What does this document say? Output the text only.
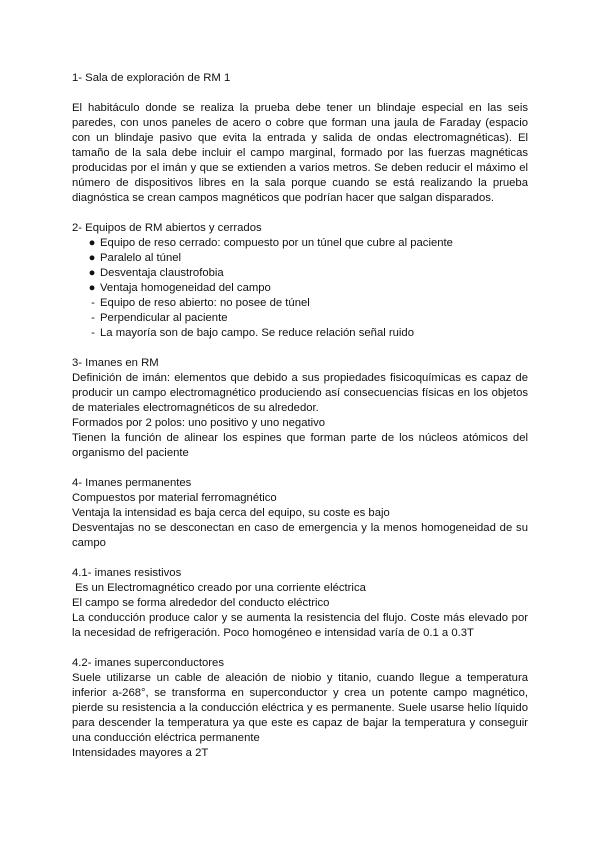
1- Sala de exploración de RM 1

El habitáculo donde se realiza la prueba debe tener un blindaje especial en las seis paredes, con unos paneles de acero o cobre que forman una jaula de Faraday (espacio con un blindaje pasivo que evita la entrada y salida de ondas electromagnéticas). El tamaño de la sala debe incluir el campo marginal, formado por las fuerzas magnéticas producidas por el imán y que se extienden a varios metros. Se deben reducir el máximo el número de dispositivos libres en la sala porque cuando se está realizando la prueba diagnóstica se crean campos magnéticos que podrían hacer que salgan disparados.

2- Equipos de RM abiertos y cerrados

● Equipo de reso cerrado: compuesto por un túnel que cubre al paciente
● Paralelo al túnel
● Desventaja claustrofobia
● Ventaja homogeneidad del campo
- Equipo de reso abierto: no posee de túnel
- Perpendicular al paciente
- La mayoría son de bajo campo. Se reduce relación señal ruido

3- Imanes en RM

Definición de imán: elementos que debido a sus propiedades fisicoquímicas es capaz de producir un campo electromagnético produciendo así consecuencias físicas en los objetos de materiales electromagnéticos de su alrededor.

Formados por 2 polos: uno positivo y uno negativo

Tienen la función de alinear los espines que forman parte de los núcleos atómicos del organismo del paciente

4- Imanes permanentes

Compuestos por material ferromagnético

Ventaja la intensidad es baja cerca del equipo, su coste es bajo

Desventajas no se desconectan en caso de emergencia y la menos homogeneidad de su campo

4.1- imanes resistivos

Es un Electromagnético creado por una corriente eléctrica

El campo se forma alrededor del conducto eléctrico

La conducción produce calor y se aumenta la resistencia del flujo. Coste más elevado por la necesidad de refrigeración. Poco homogéneo e intensidad varía de 0.1 a 0.3T

4.2- imanes superconductores

Suele utilizarse un cable de aleación de niobio y titanio, cuando llegue a temperatura inferior a-268°, se transforma en superconductor y crea un potente campo magnético, pierde su resistencia a la conducción eléctrica y es permanente. Suele usarse helio líquido para descender la temperatura ya que este es capaz de bajar la temperatura y conseguir una conducción eléctrica permanente

Intensidades mayores a 2T
